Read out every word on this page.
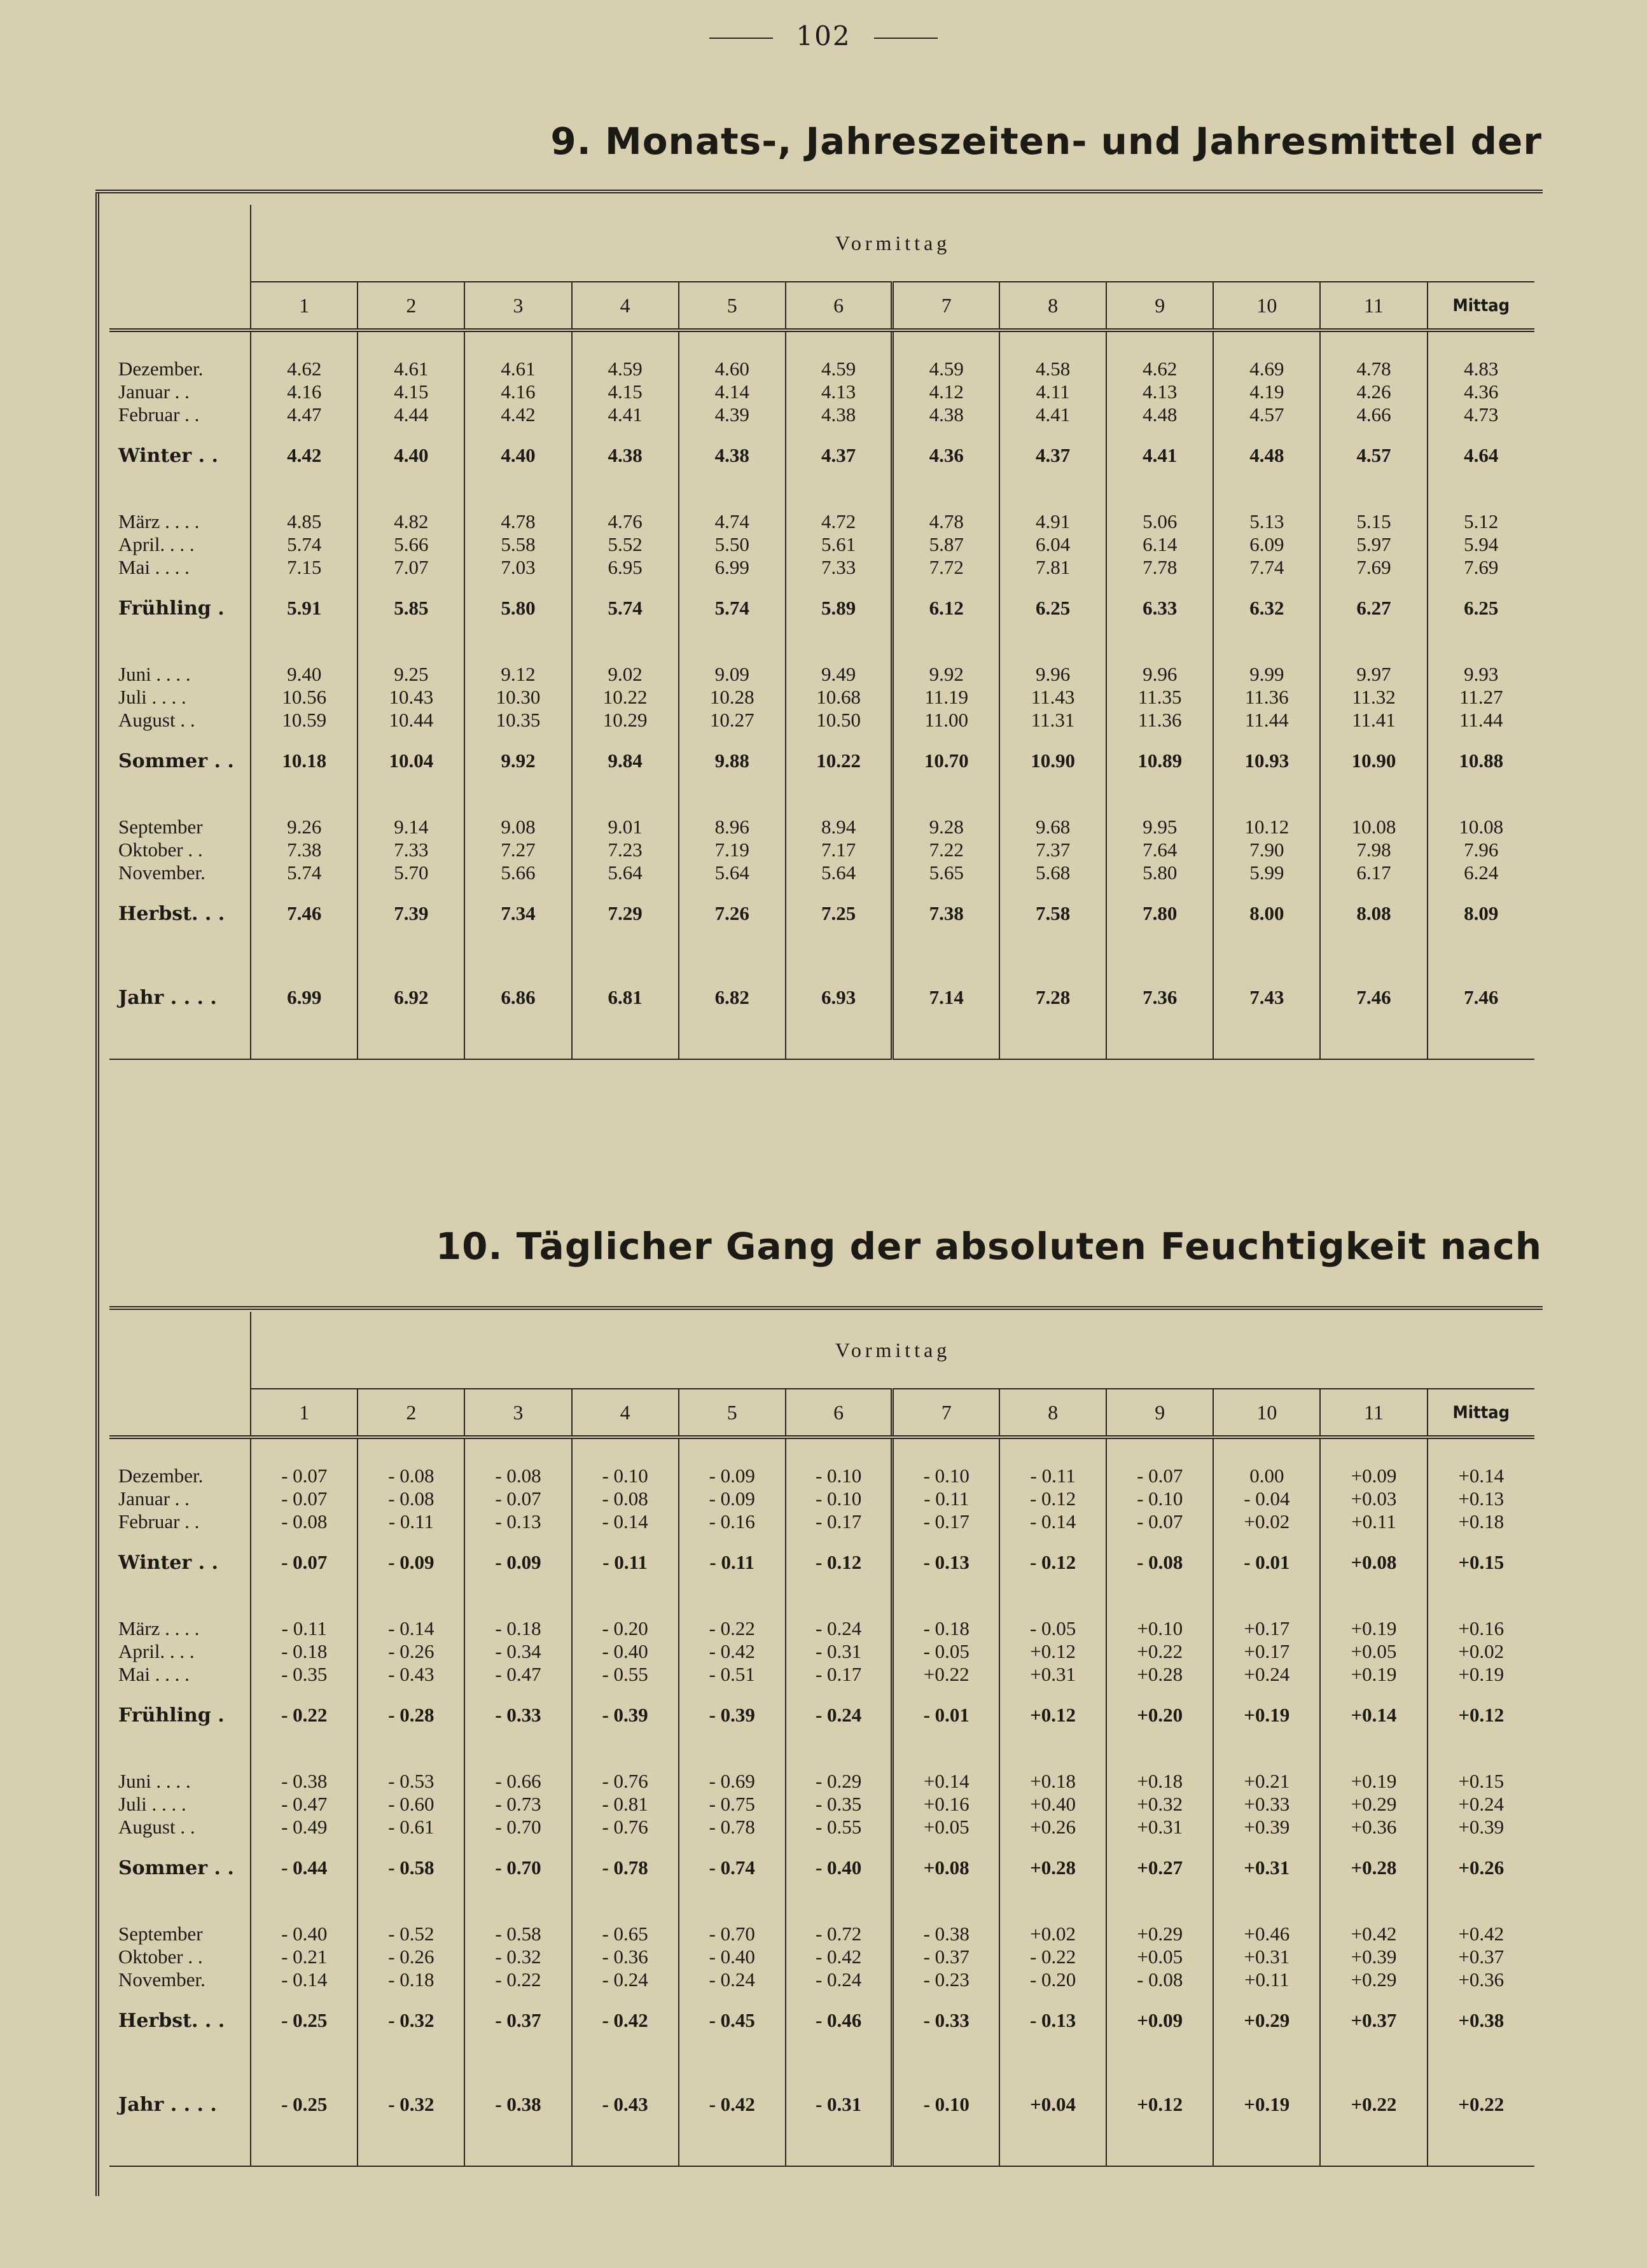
102
9. Monats-, Jahreszeiten- und Jahresmittel der
	Vormittag											
	1	2	3	4	5	6	7	8	9	10	11	Mittag

Dezember.	4.62	4.61	4.61	4.59	4.60	4.59	4.59	4.58	4.62	4.69	4.78	4.83
Januar . .	4.16	4.15	4.16	4.15	4.14	4.13	4.12	4.11	4.13	4.19	4.26	4.36
Februar . .	4.47	4.44	4.42	4.41	4.39	4.38	4.38	4.41	4.48	4.57	4.66	4.73
Winter . .	4.42	4.40	4.40	4.38	4.38	4.37	4.36	4.37	4.41	4.48	4.57	4.64

März . . . .	4.85	4.82	4.78	4.76	4.74	4.72	4.78	4.91	5.06	5.13	5.15	5.12
April. . . .	5.74	5.66	5.58	5.52	5.50	5.61	5.87	6.04	6.14	6.09	5.97	5.94
Mai . . . .	7.15	7.07	7.03	6.95	6.99	7.33	7.72	7.81	7.78	7.74	7.69	7.69
Frühling .	5.91	5.85	5.80	5.74	5.74	5.89	6.12	6.25	6.33	6.32	6.27	6.25

Juni . . . .	9.40	9.25	9.12	9.02	9.09	9.49	9.92	9.96	9.96	9.99	9.97	9.93
Juli . . . .	10.56	10.43	10.30	10.22	10.28	10.68	11.19	11.43	11.35	11.36	11.32	11.27
August . .	10.59	10.44	10.35	10.29	10.27	10.50	11.00	11.31	11.36	11.44	11.41	11.44
Sommer . .	10.18	10.04	9.92	9.84	9.88	10.22	10.70	10.90	10.89	10.93	10.90	10.88

September	9.26	9.14	9.08	9.01	8.96	8.94	9.28	9.68	9.95	10.12	10.08	10.08
Oktober . .	7.38	7.33	7.27	7.23	7.19	7.17	7.22	7.37	7.64	7.90	7.98	7.96
November.	5.74	5.70	5.66	5.64	5.64	5.64	5.65	5.68	5.80	5.99	6.17	6.24
Herbst. . .	7.46	7.39	7.34	7.29	7.26	7.25	7.38	7.58	7.80	8.00	8.08	8.09

Jahr . . . .	6.99	6.92	6.86	6.81	6.82	6.93	7.14	7.28	7.36	7.43	7.46	7.46

10. Täglicher Gang der absoluten Feuchtigkeit nach
	Vormittag											
	1	2	3	4	5	6	7	8	9	10	11	Mittag

Dezember.	- 0.07	- 0.08	- 0.08	- 0.10	- 0.09	- 0.10	- 0.10	- 0.11	- 0.07	0.00	+0.09	+0.14
Januar . .	- 0.07	- 0.08	- 0.07	- 0.08	- 0.09	- 0.10	- 0.11	- 0.12	- 0.10	- 0.04	+0.03	+0.13
Februar . .	- 0.08	- 0.11	- 0.13	- 0.14	- 0.16	- 0.17	- 0.17	- 0.14	- 0.07	+0.02	+0.11	+0.18
Winter . .	- 0.07	- 0.09	- 0.09	- 0.11	- 0.11	- 0.12	- 0.13	- 0.12	- 0.08	- 0.01	+0.08	+0.15

März . . . .	- 0.11	- 0.14	- 0.18	- 0.20	- 0.22	- 0.24	- 0.18	- 0.05	+0.10	+0.17	+0.19	+0.16
April. . . .	- 0.18	- 0.26	- 0.34	- 0.40	- 0.42	- 0.31	- 0.05	+0.12	+0.22	+0.17	+0.05	+0.02
Mai . . . .	- 0.35	- 0.43	- 0.47	- 0.55	- 0.51	- 0.17	+0.22	+0.31	+0.28	+0.24	+0.19	+0.19
Frühling .	- 0.22	- 0.28	- 0.33	- 0.39	- 0.39	- 0.24	- 0.01	+0.12	+0.20	+0.19	+0.14	+0.12

Juni . . . .	- 0.38	- 0.53	- 0.66	- 0.76	- 0.69	- 0.29	+0.14	+0.18	+0.18	+0.21	+0.19	+0.15
Juli . . . .	- 0.47	- 0.60	- 0.73	- 0.81	- 0.75	- 0.35	+0.16	+0.40	+0.32	+0.33	+0.29	+0.24
August . .	- 0.49	- 0.61	- 0.70	- 0.76	- 0.78	- 0.55	+0.05	+0.26	+0.31	+0.39	+0.36	+0.39
Sommer . .	- 0.44	- 0.58	- 0.70	- 0.78	- 0.74	- 0.40	+0.08	+0.28	+0.27	+0.31	+0.28	+0.26

September	- 0.40	- 0.52	- 0.58	- 0.65	- 0.70	- 0.72	- 0.38	+0.02	+0.29	+0.46	+0.42	+0.42
Oktober . .	- 0.21	- 0.26	- 0.32	- 0.36	- 0.40	- 0.42	- 0.37	- 0.22	+0.05	+0.31	+0.39	+0.37
November.	- 0.14	- 0.18	- 0.22	- 0.24	- 0.24	- 0.24	- 0.23	- 0.20	- 0.08	+0.11	+0.29	+0.36
Herbst. . .	- 0.25	- 0.32	- 0.37	- 0.42	- 0.45	- 0.46	- 0.33	- 0.13	+0.09	+0.29	+0.37	+0.38

Jahr . . . .	- 0.25	- 0.32	- 0.38	- 0.43	- 0.42	- 0.31	- 0.10	+0.04	+0.12	+0.19	+0.22	+0.22
